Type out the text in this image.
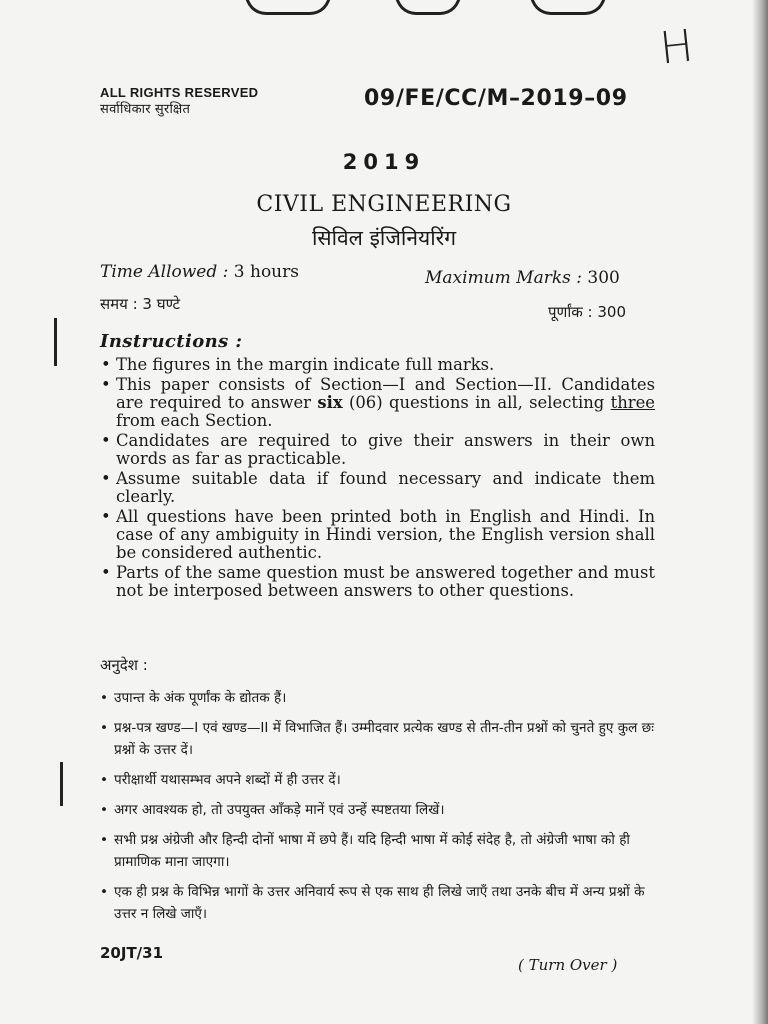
H
ALL RIGHTS RESERVED
सर्वाधिकार सुरक्षित	09/FE/CC/M–2019–09
2019
CIVIL ENGINEERING
सिविल इंजिनियरिंग
Time Allowed : 3 hours	Maximum Marks : 300
समय : 3 घण्टे	पूर्णांक : 300
Instructions :
• The figures in the margin indicate full marks.
• This paper consists of Section—I and Section—II. Candidates are required to answer six (06) questions in all, selecting three from each Section.
• Candidates are required to give their answers in their own words as far as practicable.
• Assume suitable data if found necessary and indicate them clearly.
• All questions have been printed both in English and Hindi. In case of any ambiguity in Hindi version, the English version shall be considered authentic.
• Parts of the same question must be answered together and must not be interposed between answers to other questions.
अनुदेश :
• उपान्त के अंक पूर्णांक के द्योतक हैं।
• प्रश्न-पत्र खण्ड—I एवं खण्ड—II में विभाजित हैं। उम्मीदवार प्रत्येक खण्ड से तीन-तीन प्रश्नों को चुनते हुए कुल छः प्रश्नों के उत्तर दें।
• परीक्षार्थी यथासम्भव अपने शब्दों में ही उत्तर दें।
• अगर आवश्यक हो, तो उपयुक्त आँकड़े मानें एवं उन्हें स्पष्टतया लिखें।
• सभी प्रश्न अंग्रेजी और हिन्दी दोनों भाषा में छपे हैं। यदि हिन्दी भाषा में कोई संदेह है, तो अंग्रेजी भाषा को ही प्रामाणिक माना जाएगा।
• एक ही प्रश्न के विभिन्न भागों के उत्तर अनिवार्य रूप से एक साथ ही लिखे जाएँ तथा उनके बीच में अन्य प्रश्नों के उत्तर न लिखे जाएँ।
20JT/31
( Turn Over )
